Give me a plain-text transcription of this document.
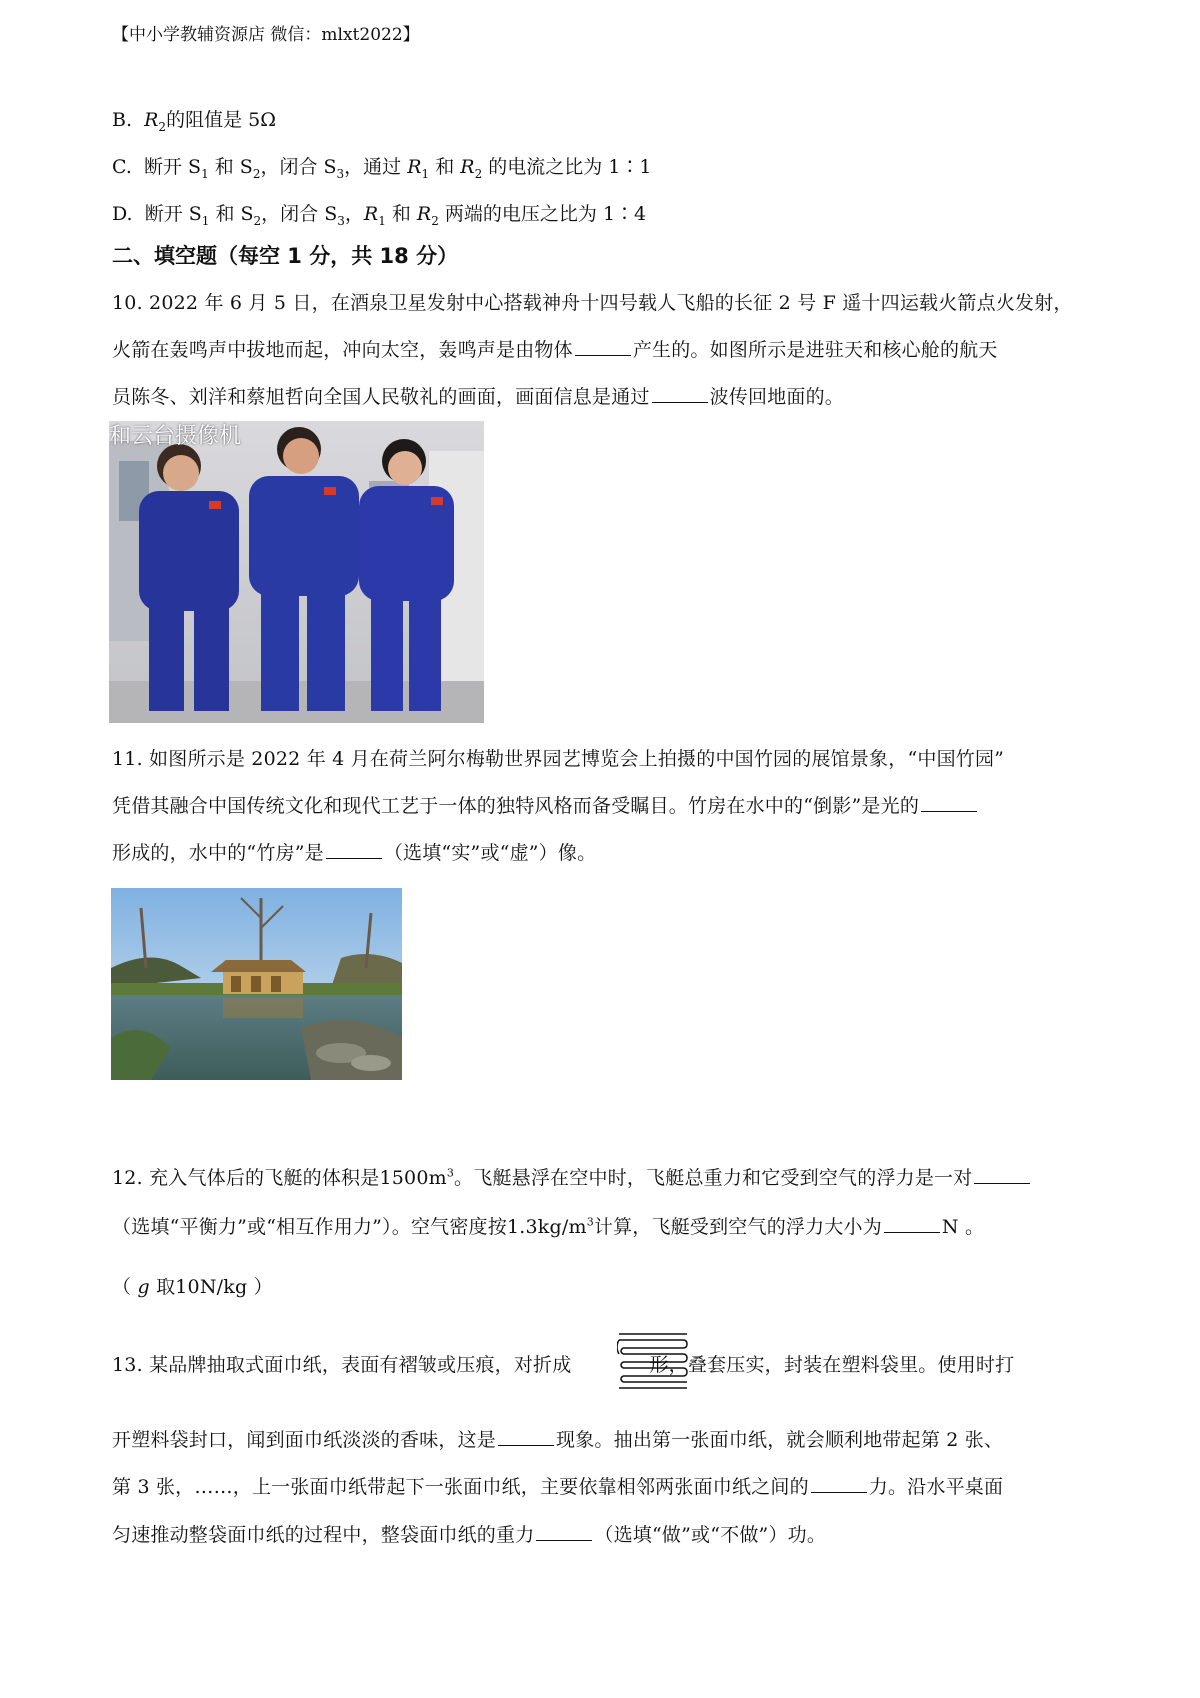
【中小学教辅资源店 微信：mlxt2022】
B. $R_2$的阻值是 5Ω
C. 断开 $S_1$ 和 $S_2$，闭合 $S_3$，通过 $R_1$ 和 $R_2$ 的电流之比为 1∶1
D. 断开 $S_1$ 和 $S_2$，闭合 $S_3$，$R_1$ 和 $R_2$ 两端的电压之比为 1∶4
二、填空题（每空 1 分，共 18 分）
10. 2022 年 6 月 5 日，在酒泉卫星发射中心搭载神舟十四号载人飞船的长征 2 号 F 遥十四运载火箭点火发射，
火箭在轰鸣声中拔地而起，冲向太空，轰鸣声是由物体	产生的。如图所示是进驻天和核心舱的航天
员陈冬、刘洋和蔡旭哲向全国人民敬礼的画面，画面信息是通过	波传回地面的。
和云台摄像机
11. 如图所示是 2022 年 4 月在荷兰阿尔梅勒世界园艺博览会上拍摄的中国竹园的展馆景象，“中国竹园”
凭借其融合中国传统文化和现代工艺于一体的独特风格而备受瞩目。竹房在水中的“倒影”是光的
形成的，水中的“竹房”是	（选填“实”或“虚”）像。
12. 充入气体后的飞艇的体积是$1500m^3$。飞艇悬浮在空中时，飞艇总重力和它受到空气的浮力是一对
（选填“平衡力”或“相互作用力”）。空气密度按$1.3kg/m^3$计算，飞艇受到空气的浮力大小为	N 。
（ g 取10N/kg ）
13. 某品牌抽取式面巾纸，表面有褶皱或压痕，对折成	形，叠套压实，封装在塑料袋里。使用时打
开塑料袋封口，闻到面巾纸淡淡的香味，这是	现象。抽出第一张面巾纸，就会顺利地带起第 2 张、
第 3 张，……，上一张面巾纸带起下一张面巾纸，主要依靠相邻两张面巾纸之间的	力。沿水平桌面
匀速推动整袋面巾纸的过程中，整袋面巾纸的重力	（选填“做”或“不做”）功。
